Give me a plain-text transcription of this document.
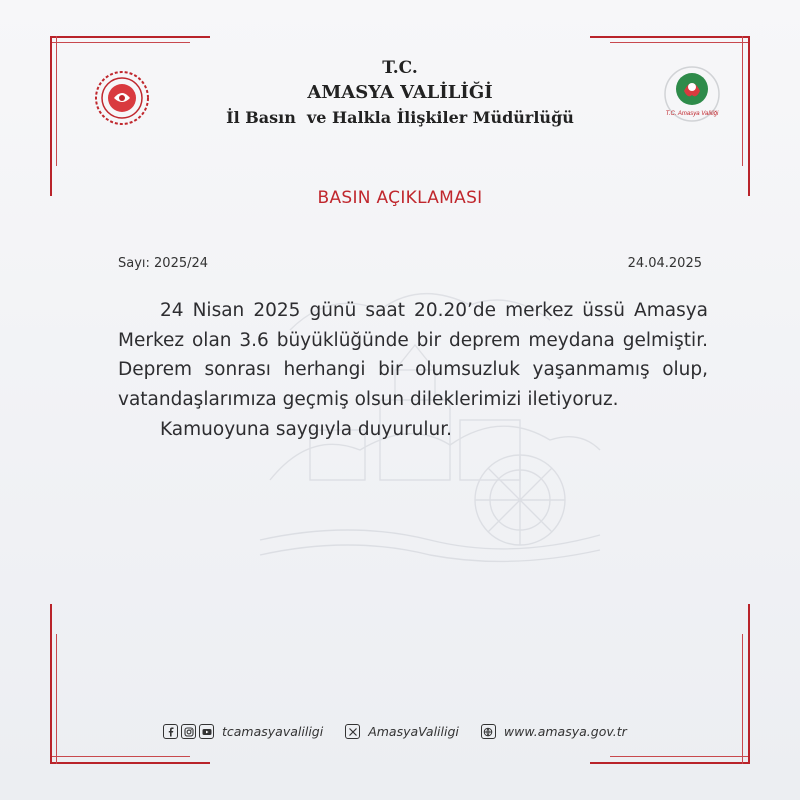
T.C. Amasya Valiliği
T.C.
AMASYA VALİLİĞİ
İl Basın  ve Halkla İlişkiler Müdürlüğü
BASIN AÇIKLAMASI
Sayı: 2025/24	24.04.2025

24 Nisan 2025 günü saat 20.20’de merkez üssü Amasya Merkez olan 3.6 büyüklüğünde bir deprem meydana gelmiştir. Deprem sonrası herhangi bir olumsuzluk yaşanmamış olup, vatandaşlarımıza geçmiş olsun dileklerimizi iletiyoruz.

Kamuoyuna saygıyla duyurulur.

tcamasyavaliligi	AmasyaValiligi	www.amasya.gov.tr
